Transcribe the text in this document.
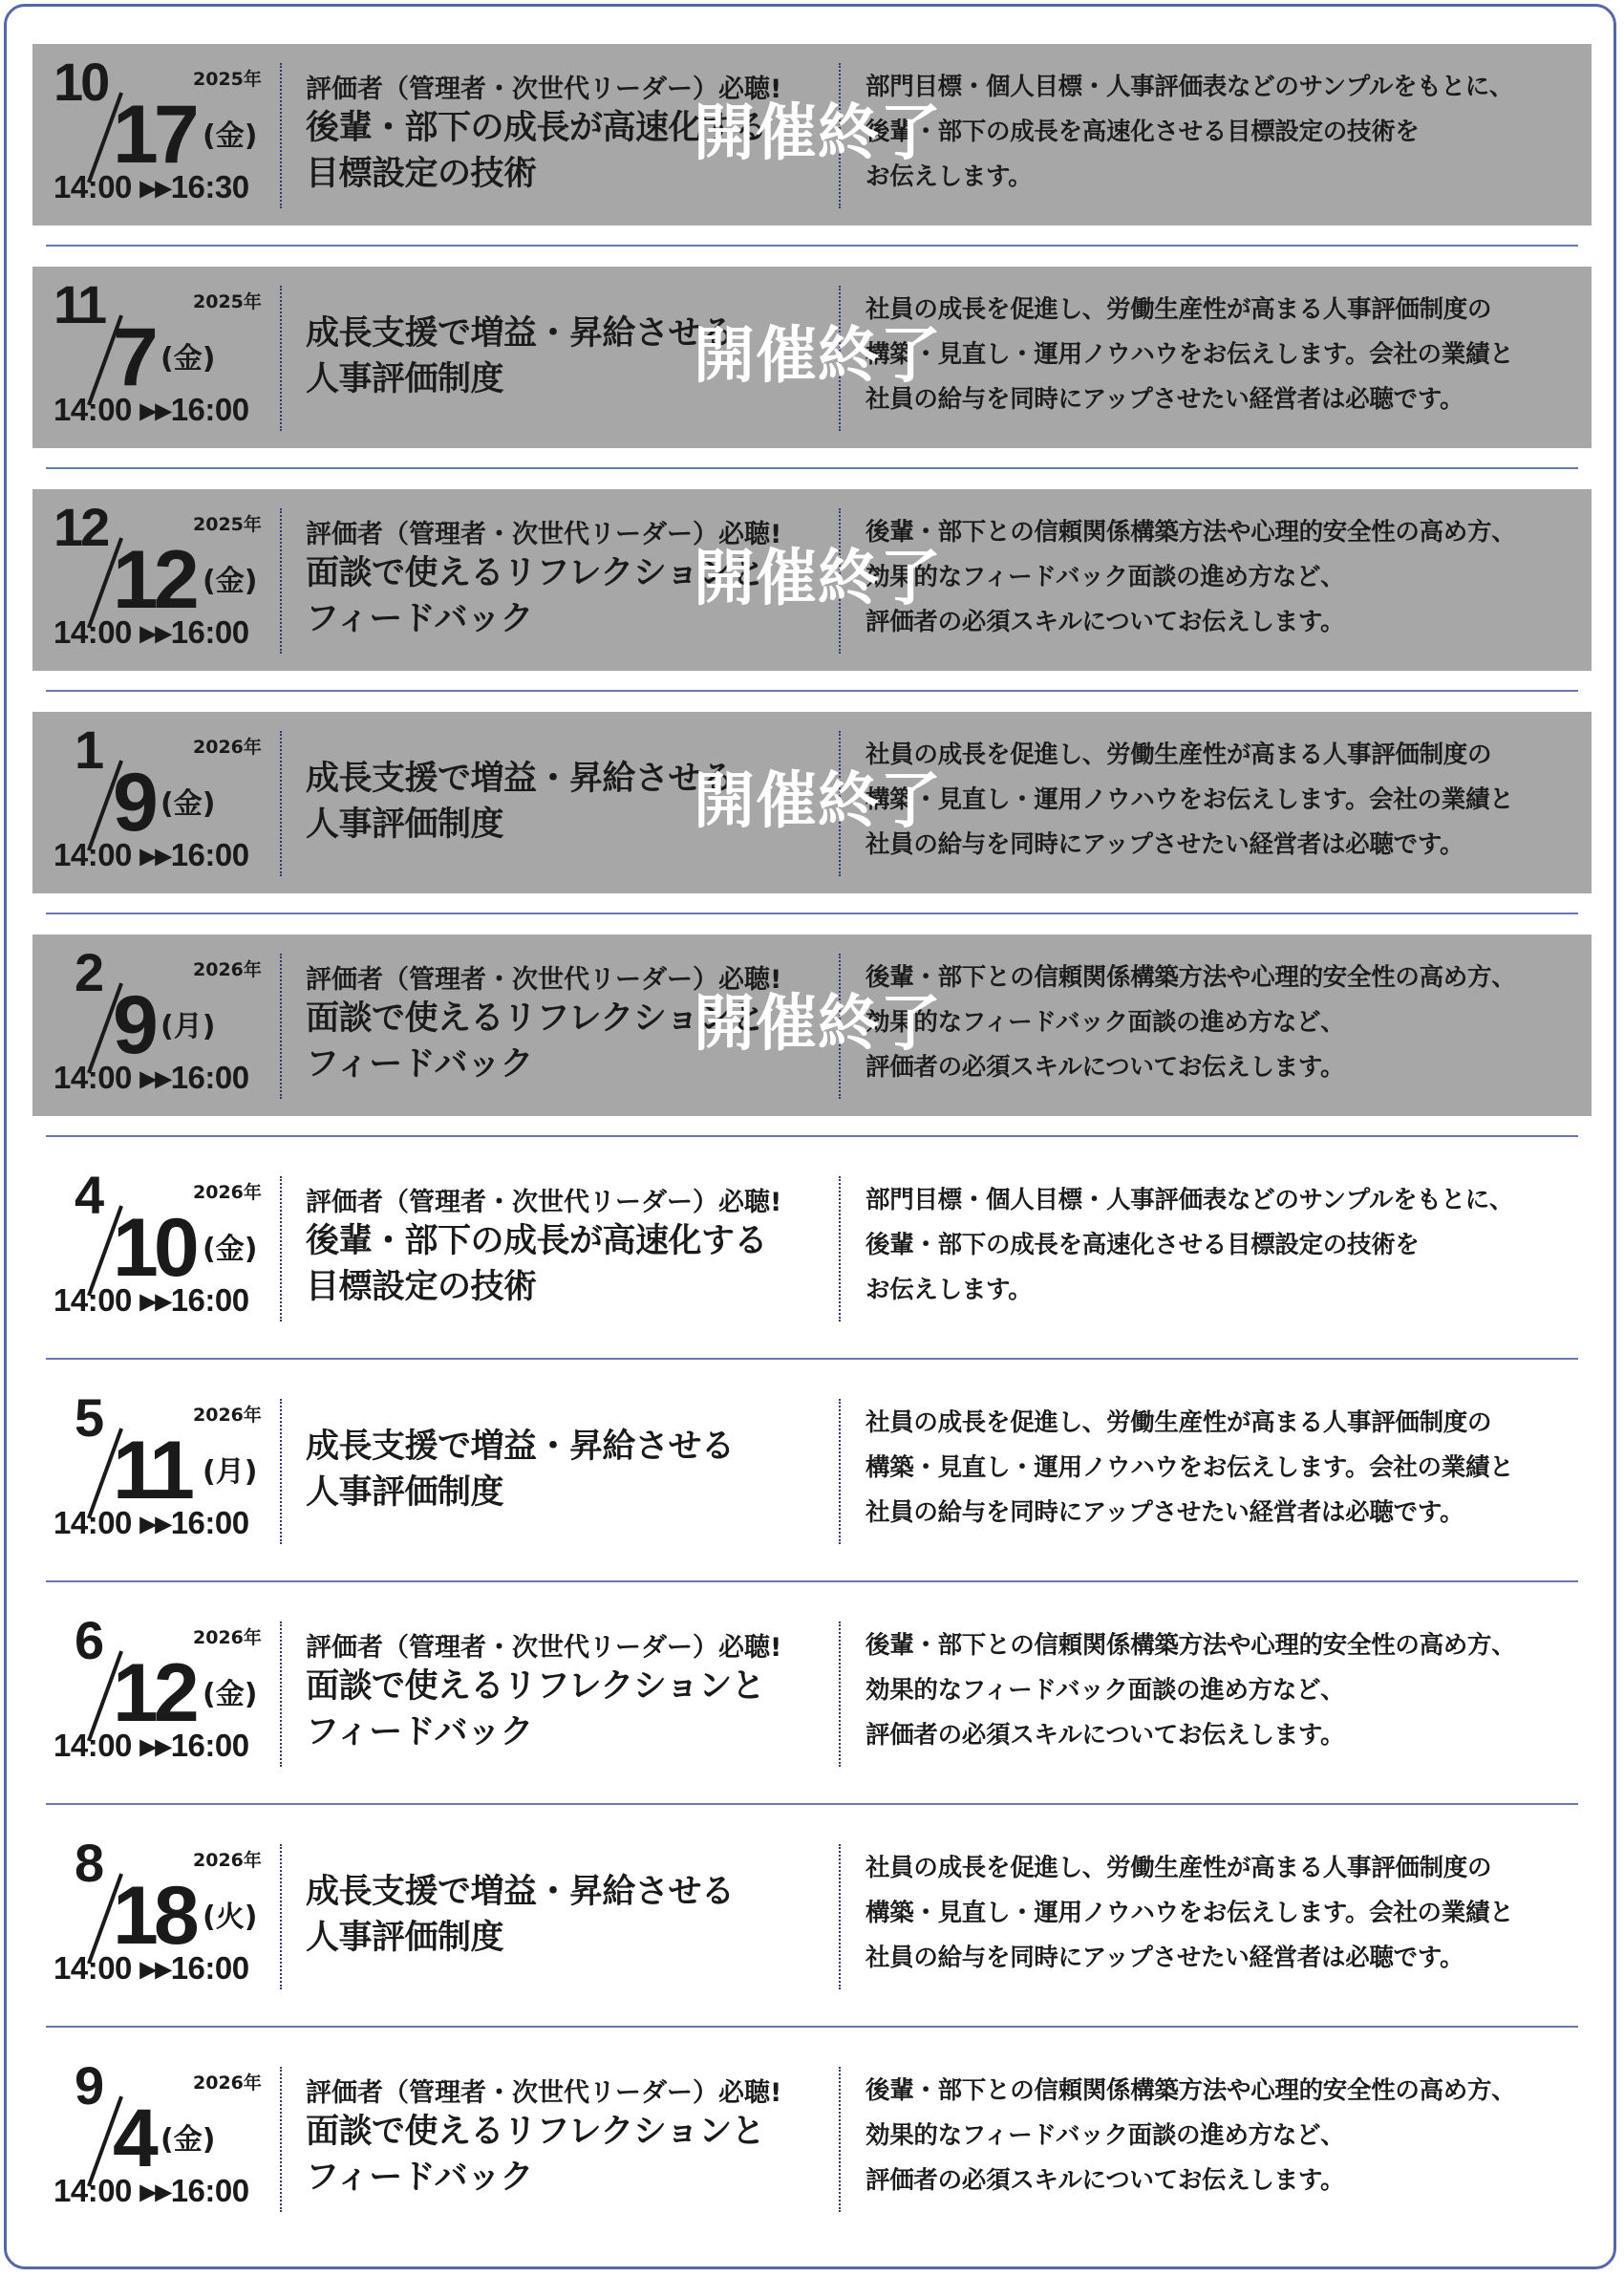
2025年
10
17 (金)
14:00 ▸▸16:30
評価者（管理者・次世代リーダー）必聴!
後輩・部下の成長が高速化する
目標設定の技術
部門目標・個人目標・人事評価表などのサンプルをもとに、
後輩・部下の成長を高速化させる目標設定の技術を
お伝えします。
開催終了
2025年
11
7 (金)
14:00 ▸▸16:00
成長支援で増益・昇給させる
人事評価制度
社員の成長を促進し、労働生産性が高まる人事評価制度の
構築・見直し・運用ノウハウをお伝えします。会社の業績と
社員の給与を同時にアップさせたい経営者は必聴です。
開催終了
2025年
12
12 (金)
14:00 ▸▸16:00
評価者（管理者・次世代リーダー）必聴!
面談で使えるリフレクションと
フィードバック
後輩・部下との信頼関係構築方法や心理的安全性の高め方、
効果的なフィードバック面談の進め方など、
評価者の必須スキルについてお伝えします。
開催終了
2026年
1
9 (金)
14:00 ▸▸16:00
成長支援で増益・昇給させる
人事評価制度
社員の成長を促進し、労働生産性が高まる人事評価制度の
構築・見直し・運用ノウハウをお伝えします。会社の業績と
社員の給与を同時にアップさせたい経営者は必聴です。
開催終了
2026年
2
9 (月)
14:00 ▸▸16:00
評価者（管理者・次世代リーダー）必聴!
面談で使えるリフレクションと
フィードバック
後輩・部下との信頼関係構築方法や心理的安全性の高め方、
効果的なフィードバック面談の進め方など、
評価者の必須スキルについてお伝えします。
開催終了
2026年
4
10 (金)
14:00 ▸▸16:00
評価者（管理者・次世代リーダー）必聴!
後輩・部下の成長が高速化する
目標設定の技術
部門目標・個人目標・人事評価表などのサンプルをもとに、
後輩・部下の成長を高速化させる目標設定の技術を
お伝えします。
2026年
5
11 (月)
14:00 ▸▸16:00
成長支援で増益・昇給させる
人事評価制度
社員の成長を促進し、労働生産性が高まる人事評価制度の
構築・見直し・運用ノウハウをお伝えします。会社の業績と
社員の給与を同時にアップさせたい経営者は必聴です。
2026年
6
12 (金)
14:00 ▸▸16:00
評価者（管理者・次世代リーダー）必聴!
面談で使えるリフレクションと
フィードバック
後輩・部下との信頼関係構築方法や心理的安全性の高め方、
効果的なフィードバック面談の進め方など、
評価者の必須スキルについてお伝えします。
2026年
8
18 (火)
14:00 ▸▸16:00
成長支援で増益・昇給させる
人事評価制度
社員の成長を促進し、労働生産性が高まる人事評価制度の
構築・見直し・運用ノウハウをお伝えします。会社の業績と
社員の給与を同時にアップさせたい経営者は必聴です。
2026年
9
4 (金)
14:00 ▸▸16:00
評価者（管理者・次世代リーダー）必聴!
面談で使えるリフレクションと
フィードバック
後輩・部下との信頼関係構築方法や心理的安全性の高め方、
効果的なフィードバック面談の進め方など、
評価者の必須スキルについてお伝えします。
